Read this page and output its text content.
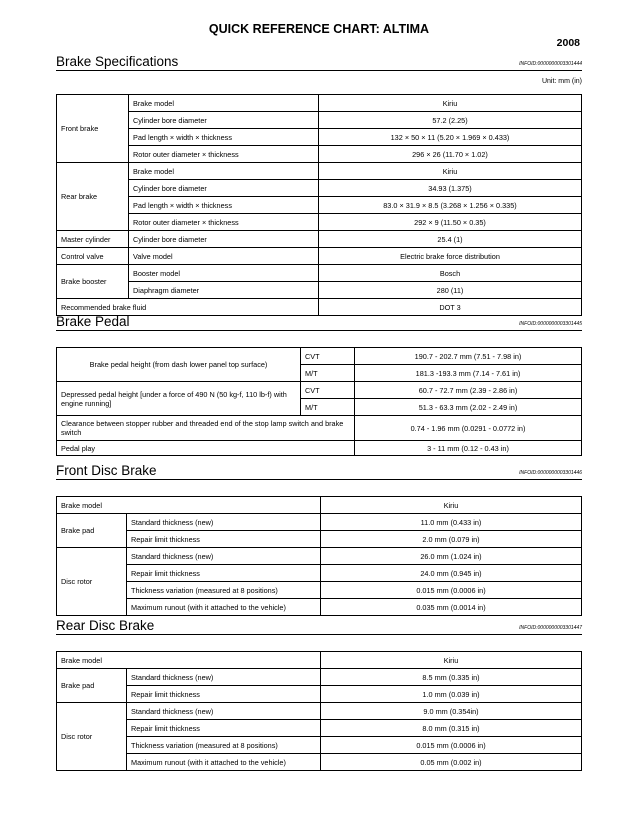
QUICK REFERENCE CHART: ALTIMA
2008
Brake Specifications	INFOID:0000000003301444
Unit: mm (in)
Front brake	Brake model	Kiriu
	Cylinder bore diameter	57.2 (2.25)
	Pad length × width × thickness	132 × 50 × 11 (5.20 × 1.969 × 0.433)
	Rotor outer diameter × thickness	296 × 26 (11.70 × 1.02)
Rear brake	Brake model	Kiriu
	Cylinder bore diameter	34.93 (1.375)
	Pad length × width × thickness	83.0 × 31.9 × 8.5 (3.268 × 1.256 × 0.335)
	Rotor outer diameter × thickness	292 × 9 (11.50 × 0.35)
Master cylinder	Cylinder bore diameter	25.4 (1)
Control valve	Valve model	Electric brake force distribution
Brake booster	Booster model	Bosch
	Diaphragm diameter	280 (11)
Recommended brake fluid		DOT 3
Brake Pedal	INFOID:0000000003301445
Brake pedal height (from dash lower panel top surface)	CVT	190.7 - 202.7 mm (7.51 - 7.98 in)
	M/T	181.3 -193.3 mm (7.14 - 7.61 in)
Depressed pedal height [under a force of 490 N (50 kg-f, 110 lb-f) with engine running]	CVT	60.7 - 72.7 mm (2.39 - 2.86 in)
	M/T	51.3 - 63.3 mm (2.02 - 2.49 in)
Clearance between stopper rubber and threaded end of the stop lamp switch and brake switch		0.74 - 1.96 mm (0.0291 - 0.0772 in)
Pedal play		3 - 11 mm (0.12 - 0.43 in)
Front Disc Brake	INFOID:0000000003301446
Brake model		Kiriu
Brake pad	Standard thickness (new)	11.0 mm (0.433 in)
	Repair limit thickness	2.0 mm (0.079 in)
Disc rotor	Standard thickness (new)	26.0 mm (1.024 in)
	Repair limit thickness	24.0 mm (0.945 in)
	Thickness variation (measured at 8 positions)	0.015 mm (0.0006 in)
	Maximum runout (with it attached to the vehicle)	0.035 mm (0.0014 in)
Rear Disc Brake	INFOID:0000000003301447
Brake model		Kiriu
Brake pad	Standard thickness (new)	8.5 mm (0.335 in)
	Repair limit thickness	1.0 mm (0.039 in)
Disc rotor	Standard thickness (new)	9.0 mm (0.354in)
	Repair limit thickness	8.0 mm (0.315 in)
	Thickness variation (measured at 8 positions)	0.015 mm (0.0006 in)
	Maximum runout (with it attached to the vehicle)	0.05 mm (0.002 in)
